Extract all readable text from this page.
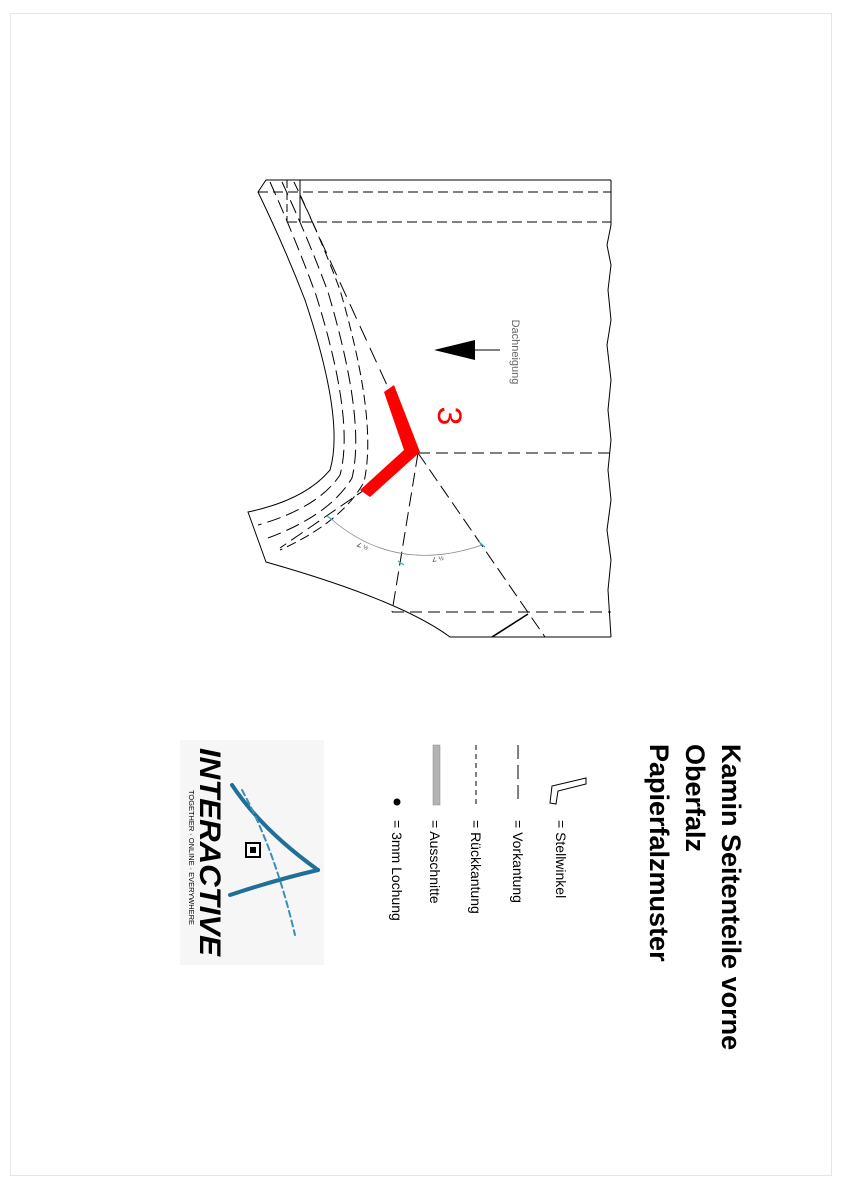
∠ ½
∠ ½
Dachneigung
3
Kamin Seitenteile vorne
Oberfalz
Papierfalzmuster
= Stellwinkel
= Vorkantung
= Rückkantung
= Ausschnitte
= 3mm Lochung
INTERACTIVE
TOGETHER · ONLINE · EVERYWHERE
